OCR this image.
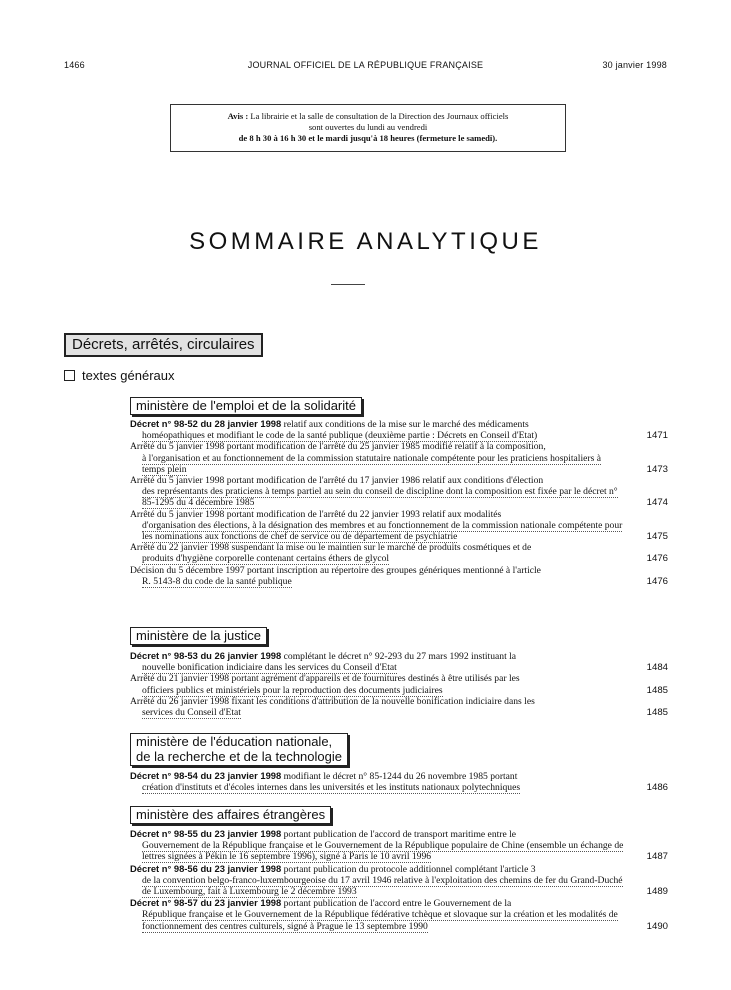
1466	JOURNAL OFFICIEL DE LA RÉPUBLIQUE FRANÇAISE	30 janvier 1998
Avis : La librairie et la salle de consultation de la Direction des Journaux officiels
sont ouvertes du lundi au vendredi
de 8 h 30 à 16 h 30 et le mardi jusqu'à 18 heures (fermeture le samedi).
SOMMAIRE ANALYTIQUE
Décrets, arrêtés, circulaires
textes généraux
ministère de l'emploi et de la solidarité
Décret n° 98-52 du 28 janvier 1998 relatif aux conditions de la mise sur le marché des médicaments
homéopathiques et modifiant le code de la santé publique (deuxième partie : Décrets en Conseil d'Etat)	1471
Arrêté du 5 janvier 1998 portant modification de l'arrêté du 25 janvier 1985 modifié relatif à la composition,
à l'organisation et au fonctionnement de la commission statutaire nationale compétente pour les praticiens hospitaliers à temps plein	1473
Arrêté du 5 janvier 1998 portant modification de l'arrêté du 17 janvier 1986 relatif aux conditions d'élection
des représentants des praticiens à temps partiel au sein du conseil de discipline dont la composition est fixée par le décret n° 85-1295 du 4 décembre 1985	1474
Arrêté du 5 janvier 1998 portant modification de l'arrêté du 22 janvier 1993 relatif aux modalités
d'organisation des élections, à la désignation des membres et au fonctionnement de la commission nationale compétente pour les nominations aux fonctions de chef de service ou de département de psychiatrie	1475
Arrêté du 22 janvier 1998 suspendant la mise ou le maintien sur le marché de produits cosmétiques et de
produits d'hygiène corporelle contenant certains éthers de glycol	1476
Décision du 5 décembre 1997 portant inscription au répertoire des groupes génériques mentionné à l'article
R. 5143-8 du code de la santé publique	1476
ministère de la justice
Décret n° 98-53 du 26 janvier 1998 complétant le décret n° 92-293 du 27 mars 1992 instituant la
nouvelle bonification indiciaire dans les services du Conseil d'Etat	1484
Arrêté du 21 janvier 1998 portant agrément d'appareils et de fournitures destinés à être utilisés par les
officiers publics et ministériels pour la reproduction des documents judiciaires	1485
Arrêté du 26 janvier 1998 fixant les conditions d'attribution de la nouvelle bonification indiciaire dans les
services du Conseil d'Etat	1485
ministère de l'éducation nationale,
de la recherche et de la technologie
Décret n° 98-54 du 23 janvier 1998 modifiant le décret n° 85-1244 du 26 novembre 1985 portant
création d'instituts et d'écoles internes dans les universités et les instituts nationaux polytechniques	1486
ministère des affaires étrangères
Décret n° 98-55 du 23 janvier 1998 portant publication de l'accord de transport maritime entre le
Gouvernement de la République française et le Gouvernement de la République populaire de Chine (ensemble un échange de lettres signées à Pékin le 16 septembre 1996), signé à Paris le 10 avril 1996	1487
Décret n° 98-56 du 23 janvier 1998 portant publication du protocole additionnel complétant l'article 3
de la convention belgo-franco-luxembourgeoise du 17 avril 1946 relative à l'exploitation des chemins de fer du Grand-Duché de Luxembourg, fait à Luxembourg le 2 décembre 1993	1489
Décret n° 98-57 du 23 janvier 1998 portant publication de l'accord entre le Gouvernement de la
République française et le Gouvernement de la République fédérative tchèque et slovaque sur la création et les modalités de fonctionnement des centres culturels, signé à Prague le 13 septembre 1990	1490
